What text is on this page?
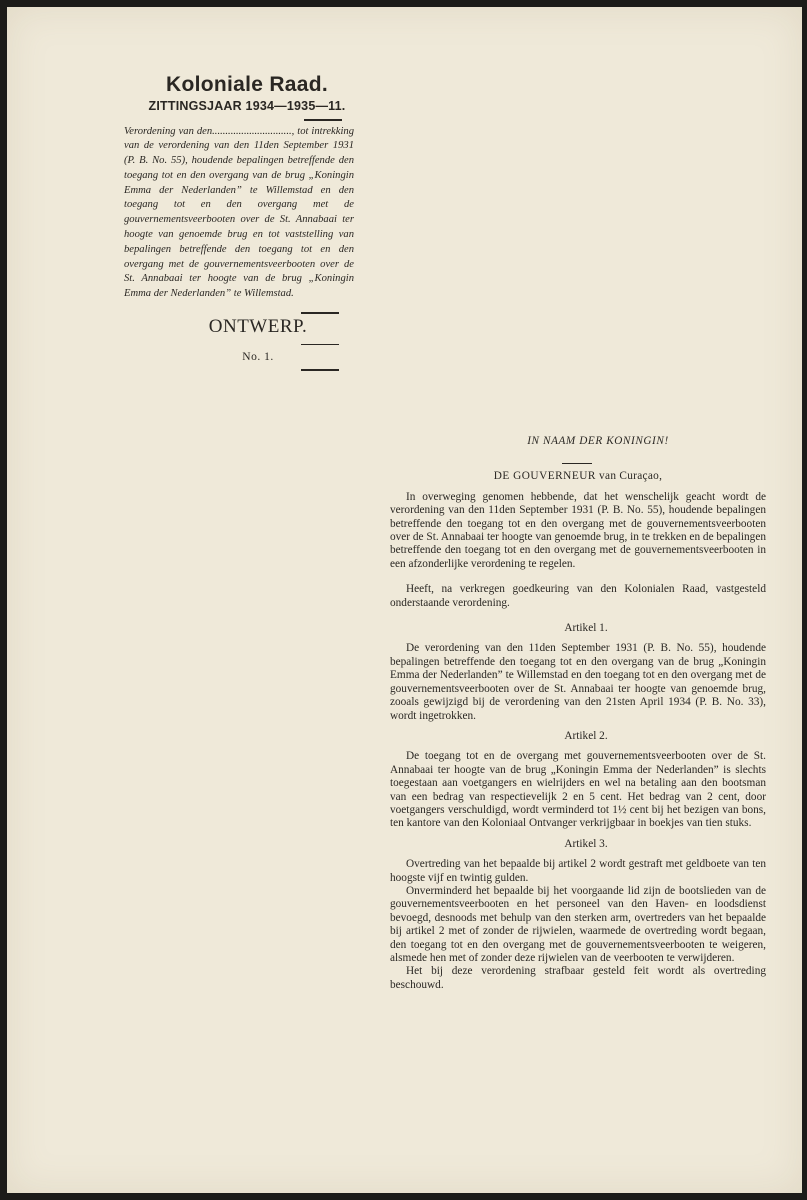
Koloniale Raad.
ZITTINGSJAAR 1934—1935—11.
Verordening van den.............................., tot intrekking van de verordening van den 11den September 1931 (P. B. No. 55), houdende bepalingen betreffende den toegang tot en den overgang van de brug „Koningin Emma der Nederlanden” te Willemstad en den toegang tot en den overgang met de gouvernementsveerbooten over de St. Annabaai ter hoogte van genoemde brug en tot vaststelling van bepalingen betreffende den toegang tot en den overgang met de gouvernementsveerbooten over de St. Annabaai ter hoogte van de brug „Koningin Emma der Nederlanden” te Willemstad.
ONTWERP.
No. 1.

IN NAAM DER KONINGIN!

DE GOUVERNEUR van Curaçao,

In overweging genomen hebbende, dat het wenschelijk geacht wordt de verordening van den 11den September 1931 (P. B. No. 55), houdende bepalingen betreffende den toegang tot en den overgang met de gouvernementsveerbooten over de St. Annabaai ter hoogte van genoemde brug, in te trekken en de bepalingen betreffende den toegang tot en den overgang met de gouvernementsveerbooten in een afzonderlijke verordening te regelen.

Heeft, na verkregen goedkeuring van den Kolonialen Raad, vastgesteld onderstaande verordening.

Artikel 1.

De verordening van den 11den September 1931 (P. B. No. 55), houdende bepalingen betreffende den toegang tot en den overgang van de brug „Koningin Emma der Nederlanden” te Willemstad en den toegang tot en den overgang met de gouvernementsveerbooten over de St. Annabaai ter hoogte van genoemde brug, zooals gewijzigd bij de verordening van den 21sten April 1934 (P. B. No. 33), wordt ingetrokken.

Artikel 2.

De toegang tot en de overgang met gouvernementsveerbooten over de St. Annabaai ter hoogte van de brug „Koningin Emma der Nederlanden” is slechts toegestaan aan voetgangers en wielrijders en wel na betaling aan den bootsman van een bedrag van respectievelijk 2 en 5 cent. Het bedrag van 2 cent, door voetgangers verschuldigd, wordt verminderd tot 1½ cent bij het bezigen van bons, ten kantore van den Koloniaal Ontvanger verkrijgbaar in boekjes van tien stuks.

Artikel 3.

Overtreding van het bepaalde bij artikel 2 wordt gestraft met geldboete van ten hoogste vijf en twintig gulden.

Onverminderd het bepaalde bij het voorgaande lid zijn de bootslieden van de gouvernementsveerbooten en het personeel van den Haven- en loodsdienst bevoegd, desnoods met behulp van den sterken arm, overtreders van het bepaalde bij artikel 2 met of zonder de rijwielen, waarmede de overtreding wordt begaan, den toegang tot en den overgang met de gouvernementsveerbooten te weigeren, alsmede hen met of zonder deze rijwielen van de veerbooten te verwijderen.

Het bij deze verordening strafbaar gesteld feit wordt als overtreding beschouwd.
